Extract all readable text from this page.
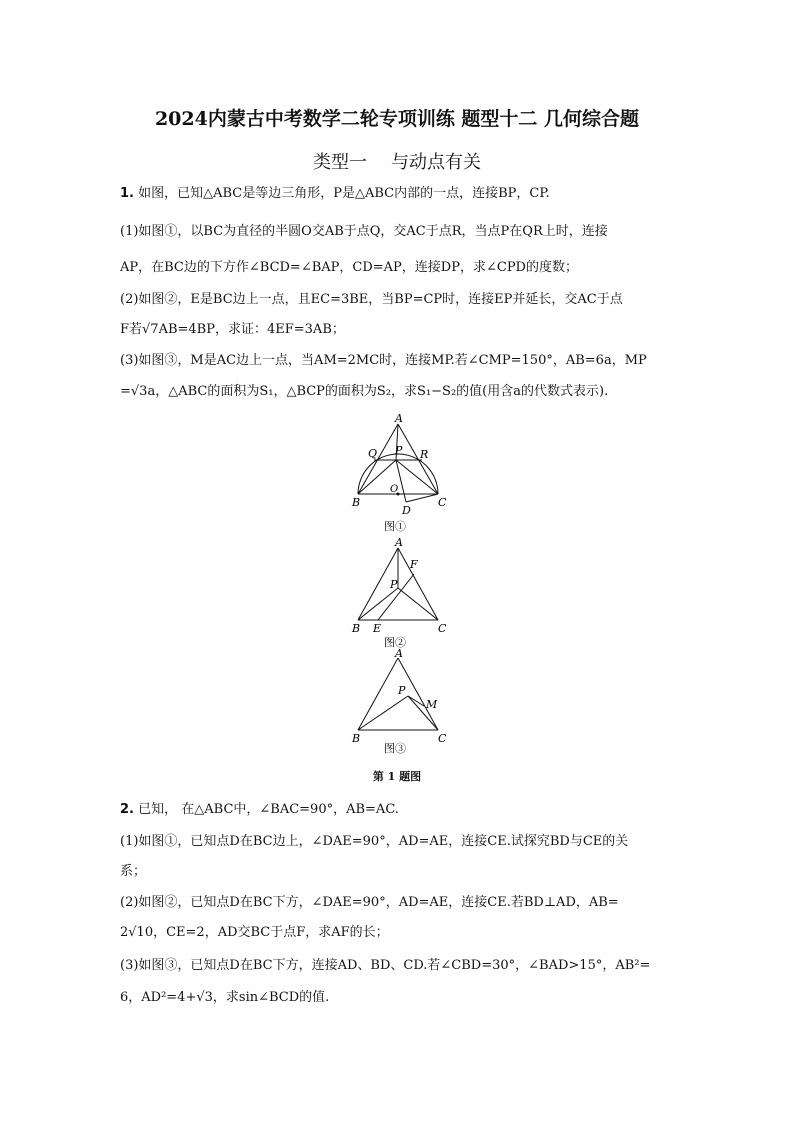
2024内蒙古中考数学二轮专项训练 题型十二 几何综合题
类型一 与动点有关
1. 如图，已知△ABC是等边三角形，P是△ABC内部的一点，连接BP，CP.
(1)如图①，以BC为直径的半圆O交AB于点Q，交AC于点R，当点P在QR上时，连接
AP，在BC边的下方作∠BCD=∠BAP，CD=AP，连接DP，求∠CPD的度数；
(2)如图②，E是BC边上一点，且EC=3BE，当BP=CP时，连接EP并延长，交AC于点
F若√7AB=4BP，求证：4EF=3AB；
(3)如图③，M是AC边上一点，当AM=2MC时，连接MP.若∠CMP=150°，AB=6a，MP
=√3a，△ABC的面积为S₁，△BCP的面积为S₂，求S₁−S₂的值(用含a的代数式表示).
A
Q P R
O
B	C
D
图①
A
F
P
B E	C
图②
A
P
M
B	C
图③
第 1 题图
2. 已知， 在△ABC中，∠BAC=90°，AB=AC.
(1)如图①，已知点D在BC边上，∠DAE=90°，AD=AE，连接CE.试探究BD与CE的关
系；
(2)如图②，已知点D在BC下方，∠DAE=90°，AD=AE，连接CE.若BD⊥AD，AB=
2√10，CE=2，AD交BC于点F，求AF的长；
(3)如图③，已知点D在BC下方，连接AD、BD、CD.若∠CBD=30°，∠BAD>15°，AB²=
6，AD²=4+√3，求sin∠BCD的值.
